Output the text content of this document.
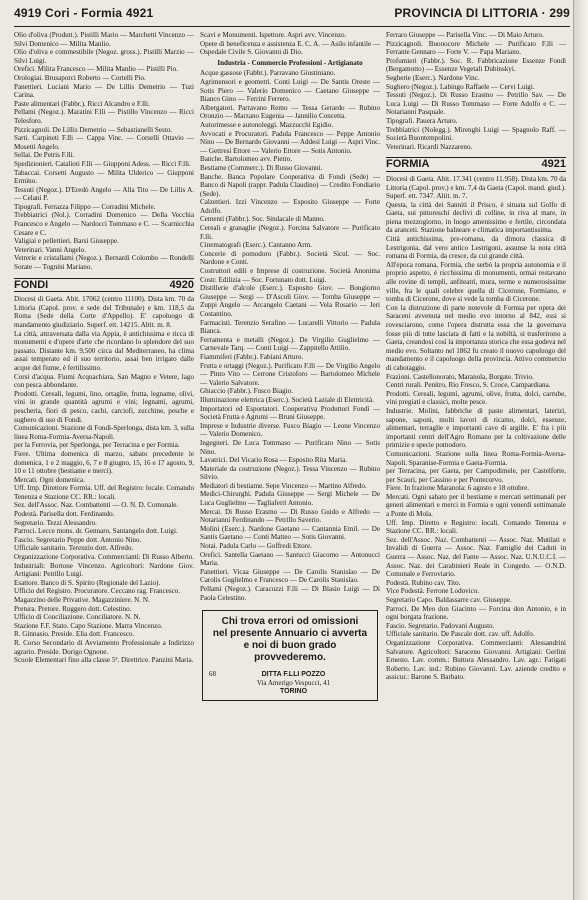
4919 Cori - Formia 4921	PROVINCIA DI LITTORIA · 299

Olio d'oliva (Produtt.). Pistilli Mario — Marchetti Vincenzo — Silvi Domenico — Milita Manlio.

Olio d'oliva e commestibile (Negoz. gross.). Pistilli Marzio — Silvi Luigi.

Orefici. Milita Francesco — Milita Manlio — Pistilli Pio.

Orologiai. Brusaporci Roberto — Cortelli Pio.

Panettieri. Luciani Mario — De Lillis Demetrio — Tuzi Carina.

Paste alimentari (Fabbr.). Ricci Alcandro e F.lli.

Pellami (Negoz.). Maratini F.lli — Pistillo Vincenzo — Ricci Telesforo.

Pizzicagnoli. De Lillis Demetrio — Sebastianelli Sesto.

Sarti. Carpineti F.lli — Cappa Vinc. — Corselli Ottavio — Mosetti Angelo.

Sellai. De Petris F.lli.

Spedizionieri. Catalioti F.lli — Giupponi Adess. — Ricci F.lli.

Tabaccai. Corsetti Augusto — Milita Ulderico — Giupponi Ermino.

Tessuti (Negoz.). D'Eredò Angelo — Alla Tito — De Lillis A. — Celani P.

Tipografi. Ferrazza Filippo — Corradini Michele.

Trebbiatrici (Nol.). Corradini Domenico — Della Vecchia Francesco e Angelo — Nardocci Tommaso e C. — Scarnicchia Cesare e C.

Valigiai e pellettieri. Barsi Giuseppe.

Veterinari. Vanni Angelo.

Vetrerie e cristallami (Negoz.). Bernardi Colombo — Rondelli Sorate — Tognini Mariano.

FONDI	4920

Diocesi di Gaeta. Abit. 17062 (centro 11100). Dista km. 70 da Littoria (Capol. prov. e sede del Tribunale) e km. 118,5 da Roma (Sede della Corte d'Appello). E' capoluogo di mandamento giudiziario. Superf. ett. 14215. Altit. m. 8.

La città, attraversata dalla via Appia, è antichissima e ricca di monumenti e d'opere d'arte che ricordano lo splendore del suo passato. Distante km. 9,500 circa dal Mediterraneo, ha clima assai temperato ed il suo territorio, assai ben irrigato dalle acque del fiume, è fertilissimo.

Corsi d'acqua. Fiumi Acquachiara, San Magno e Vetere, lago con pesca abbondante.

Prodotti. Cereali, legumi, lino, ortaglie, frutta, legname, olivi, vini in grande quantità agrumi e vini; legnami, agrumi, pescheria, fiori di pesco, cachi, carciofi, zucchine, pesche e sughero di uso di Fondi.

Comunicazioni. Stazione di Fondi-Sperlonga, dista km. 3, sulla linea Roma-Formia-Aversa-Napoli.

per la Ferrovia, per Sperlonga, per Terracina e per Formia.

Fiere. Ultima domenica di marzo, sabato precedente le domenica, 1 e 2 maggio, 6, 7 e 8 giugno, 15, 16 e 17 agosto, 9, 10 e 11 ottobre (bestiame e merci).

Mercati. Ogni domenica.

Uff. Imp. Direttore Formia. Uff. del Registro: locale. Comando Tenenza e Stazione CC. RR.: locali.

Sez. dell'Assoc. Naz. Combattenti — O. N. D. Comunale.

Podestà. Parisella dott. Ferdinando.

Segretario. Tezzi Alessandro.

Parroci. Lecce mons. dr. Gennaro, Santangelo dott. Luigi.

Fascio. Segretario Peppe dott. Antonio Nino.

Ufficiale sanitario. Terenzio dott. Alfredo.

Organizzazione Corporativa. Commercianti: Di Russo Alberto. Industriali: Bortone Vincenzo. Agricoltori: Nardone Giov. Artigiani: Petrillo Luigi.

Esattore. Banco di S. Spirito (Regionale del Lazio).

Ufficio del Registro. Procuratore. Ceccano rag. Francesco.

Magazzino delle Privative. Magazziniere. N. N.

Pretura. Pretore. Ruggero dott. Celestino.

Ufficio di Conciliazione. Conciliatore. N. N.

Stazione F.F. Stato. Capo Stazione. Marra Vincenzo.

R. Ginnasio. Preside. Elia dott. Francesco.

R. Corso Secondario di Avviamento Professionale a Indirizzo agrario. Preside. Dorigo Ognone.

Scuole Elementari fino alla classe 5ª. Direttrice. Panzini Maria.

Scavi e Monumenti. Ispettore. Aspri avv. Vincenzo.

Opere di beneficenza e assistenza E. C. A. — Asilo infantile — Ospedale Civile S. Giovanni di Dio.

Industria - Commercio Professioni - Artigianato

Acque gassose (Fabbr.). Parravano Giustiniano.

Agrimensori e geometri. Conti Luigi — De Santis Oreste — Sotis Piero — Valerio Domenico — Caetano Giuseppe — Bianco Gino — Ferrini Ferrero.

Albergatori. Parravano Remo — Tessa Gerardo — Rubino Oronzio — Marzano Eugenia — Jannilio Concetta.

Autorimesse e autonoleggi. Mazzucchi Egidio.

Avvocati e Procuratori. Padula Francesco — Peppe Antonio Nino — De Bernardo Giovanni — Addesi Luigi — Aspri Vinc. — Gettresi Ettore — Valerio Ettore — Sotis Antonio.

Banche. Bartolomeo avv. Pietro.

Bestiame (Commerc.). Di Russo Giovanni.

Banche. Banca Popolare Cooperativa di Fondi (Sede) — Banco di Napoli (rappr. Padula Claudino) — Credito Fondiario (Sede).

Calzettieri. Izzi Vincenzo — Esposito Giuseppe — Forte Adolfo.

Cementi (Fabbr.). Soc. Sindacale di Manno.

Cereali e granaglie (Negoz.). Forcina Salvatore — Purificato F.lli.

Cinematografi (Eserc.). Cantanno Arm.

Concerie di pomodoro (Fabbr.). Società Sicul. — Soc. Nardone e Conti.

Costruttori edili e Imprese di costruzione. Società Anonima Costr. Edilizia — Soc. Fortunato dott. Luigi.

Distillerie d'alcole (Eserc.). Esposito Giov. — Bongiorno Giuseppe — Sergi — D'Ascoli Giov. — Tomba Giuseppe — Zuppi Angelo — Arcangelo Caetani — Vela Rosario — Jeri Costantino.

Farmacisti. Terenzio Serafino — Lucarelli Vittorio — Padula Bianca.

Ferramenta e metalli (Negoz.). De Virgilio Guglielmo — Carnevale Tarq. — Conti Luigi — Zappitello Attilio.

Fiammiferi (Fabbr.). Fabiani Arturo.

Frutta e ortaggi (Negoz.). Purificato F.lli — De Virgilio Angelo — Pinto Vito — Cerrone Cristoforo — Bartolomeo Michele — Valerio Salvatore.

Ghiaccio (Fabbr.). Fusco Biagio.

Illuminazione elettrica (Eserc.). Società Laziale di Elettricità.

Importatori ed Esportatori. Cooperativa Produttori Fondi — Società Frutta e Agrumi — Bruni Giuseppe.

Imprese e Industrie diverse. Fusco Biagio — Leone Vincenzo — Valerio Domenico.

Ingegneri. De Luca Tommaso — Purificato Nino — Sotis Nino.

Lavatrici. Del Vicario Rosa — Esposito Rita Maria.

Materiale da costruzione (Negoz.). Tessa Vincenzo — Rubino Silvio.

Mediatori di bestiame. Sepe Vincenzo — Martino Alfredo.

Medici-Chirurghi. Padula Giuseppe — Sergi Michele — De Luca Guglielmo — Tagliaferri Antonio.

Mercai. Di Russo Erasmo — Di Russo Guido e Alfredo — Notarianni Ferdinando — Petrillo Saverio.

Molini (Eserc.). Nardone Gaetano — Cantannia Emil. — De Santis Gaetano — Conti Matteo — Sotis Giovanni.

Notai. Padula Carlo — Goffredi Ettore.

Orefici. Santella Gaetano — Santucci Giacomo — Antonucci Maria.

Panettieri. Vicaa Giuseppe — De Carolis Stanislao — De Carolis Guglielmo e Francesco — De Carolis Stanislao.

Pellami (Negoz.). Caracuzzi F.lli — Di Blasio Luigi — Di Paola Celestino.

Chi trova errori od omissioni
nel presente Annuario ci avverta
e noi di buon grado
provvederemo.
68	DITTA F.LLI POZZO
Via Amerigo Vespucci, 41
TORINO

Ferraro Giuseppe — Parisella Vinc. — Di Maio Arturo.

Pizzicagnoli. Buonocore Michele — Purificato F.lli — Ferrante Gennaro — Forte V. — Papa Mariano.

Profumieri (Fabbr.). Soc. R. Fabbricazione Essenze Fondi (Bergamotto) — Essenze Vegetali Dubinskyi.

Segherie (Eserc.). Nardone Vinc.

Sughero (Negoz.). Labingo Raffaele — Cervi Luigi.

Tessuti (Negoz.). Di Russo Erasmo — Petrillo Sav. — De Luca Luigi — Di Russo Tommaso — Forte Adolfo e C. — Notarianni Pasquale.

Tipografi. Pauera Arturo.

Trebbiatrici (Nolegg.). Mirenghi Luigi — Spagnolo Raff. — Società Buontempolini.

Veterinari. Ricardi Nazzareno.

FORMIA	4921

Diocesi di Gaeta. Abit. 17.341 (centro 11.958). Dista km. 70 da Littoria (Capol. prov.) e km. 7,4 da Gaeta (Capol. mand. giud.). Superf. ett. 7347. Altit. m. 7.

Questa, la città dei Sanniti il Prisco, è situata sul Golfo di Gaeta, sui pittoreschi declivi di colline, in riva al mare, in piena mezzogiorno, in luogo amenissimo e fertile, circondata da aranceti. Stazione balneare e climatica importantissima.

Città antichissima, pre-romana, da dimora classica di Lestrigonia, dal vero antico Lestrigoni, assunse la nota città romana di Formia, da cresce, da cui grande città.

All'epoca romana, Formia, che serbò la propria autonomia e il proprio aspetto, è ricchissima di monumenti, ormai restavano alle rovine di templi, anfiteatri, mura, terme e numerosissime ville, fra le quali celebre quella di Cicerone, Formiano, e tomba di Cicerone, dove si vede la tomba di Cicerone.

Con la distruzione di parte notevole di Formia per opera dei Saraceni avvenuta nel medio evo intorno al 842, essi si rovesciarono, come l'opera distrutta essa che la governava fosse più di tutte lasciata di fatti e la nobiltà, si trasferirono a Gaeta, creandosi così la importanza storica che essa godeva nel medio evo. Soltanto nel 1862 fu creato il nuovo capoluogo del mandamento e il capoluogo della provincia. Attivo commercio di cabotaggio.

Frazioni. Castellonorato, Maranola, Borgate. Trivio.

Centri rurali. Penitro, Rio Fresco, S. Croce, Campardiana.

Prodotti. Cereali, legumi, agrumi, olive, frutta, dolci, carrube, vini pregiati e classici, molte pesce.

Industrie. Molini, fabbriche di paste alimentari, laterizi, sapone, saponi, molti lavori di ricamo, dolci, essenze, alimentari, terraglie e importanti cave di argille. E' fra i più importanti centri dell'Agro Romano per la coltivazione delle primizie e specie pomodoro.

Comunicazioni. Stazione sulla linea Roma-Formia-Aversa-Napoli. Sparanise-Formia e Gaeta-Formia.

per Terracina, per Gaeta, per Campodimele, per Castelforte, per Scauri, per Cassino e per Pontecorvo.

Fiere. In frazione Maranola: 6 agosto e 18 ottobre.

Mercati. Ogni sabato per il bestiame e mercati settimanali per generi alimentari e merci in Formia e ogni venerdì settimanale a Ponte di Mola.

Uff. Imp. Diretto e Registro: locali. Comando Tenenza e Stazione CC. RR.: locali.

Sez. dell'Assoc. Naz. Combattenti — Assoc. Naz. Mutilati e Invalidi di Guerra — Assoc. Naz. Famiglie dei Caduti in Guerra — Assoc. Naz. del Fante — Assoc. Naz. U.N.U.C.I. — Assoc. Naz. dei Carabinieri Reale in Congedo. — O.N.D. Comunale e Ferroviario.

Podestà. Rubino cav. Tito.

Vice Podestà. Ferrone Lodovico.

Segretario Capo. Baldassarre cav. Giuseppe.

Parroci. De Meo don Giacinto — Forcina don Antonio, e in ogni borgata frazione.

Fascio. Segretario. Padovani Augusto.

Ufficiale sanitario. De Pascale dott. cav. uff. Adolfo.

Organizzazione Corporativa. Commercianti: Alessandrini Salvatore. Agricoltori: Saraceno Giovanni. Artigiani: Gerlini Ernesto. Lav. comm.: Buttura Alessandro. Lav. agr.: Fatigati Roberto. Lav. ind.: Rubino Giovanni. Lav. aziende credito e assicur.: Barone S. Barbato.
